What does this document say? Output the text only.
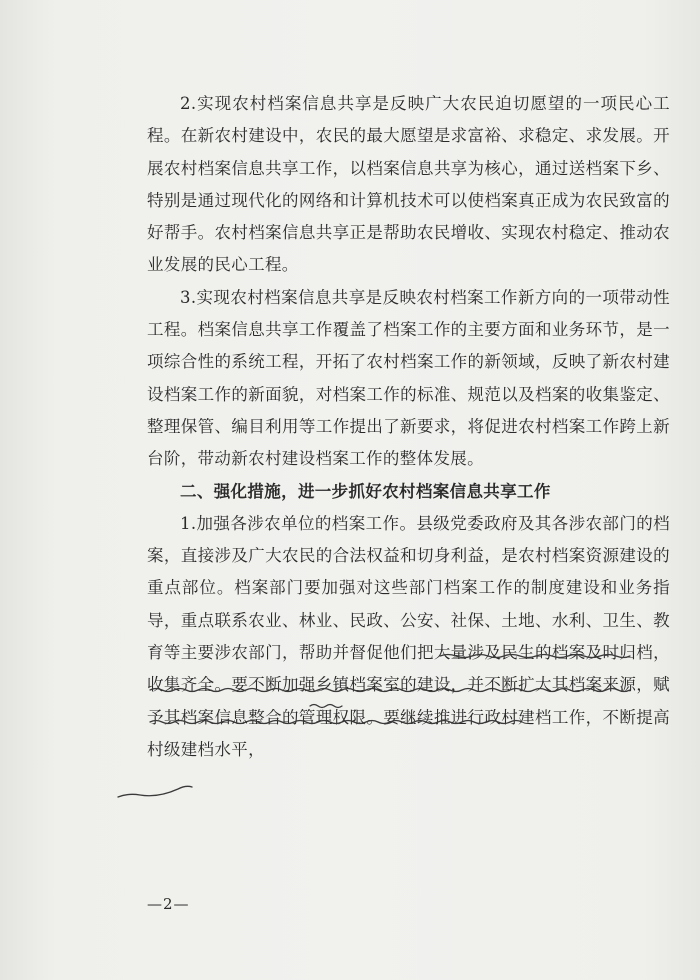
2.实现农村档案信息共享是反映广大农民迫切愿望的一项民心工程。在新农村建设中，农民的最大愿望是求富裕、求稳定、求发展。开展农村档案信息共享工作，以档案信息共享为核心，通过送档案下乡、特别是通过现代化的网络和计算机技术可以使档案真正成为农民致富的好帮手。农村档案信息共享正是帮助农民增收、实现农村稳定、推动农业发展的民心工程。

3.实现农村档案信息共享是反映农村档案工作新方向的一项带动性工程。档案信息共享工作覆盖了档案工作的主要方面和业务环节，是一项综合性的系统工程，开拓了农村档案工作的新领域，反映了新农村建设档案工作的新面貌，对档案工作的标准、规范以及档案的收集鉴定、整理保管、编目利用等工作提出了新要求，将促进农村档案工作跨上新台阶，带动新农村建设档案工作的整体发展。

二、强化措施，进一步抓好农村档案信息共享工作

1.加强各涉农单位的档案工作。县级党委政府及其各涉农部门的档案，直接涉及广大农民的合法权益和切身利益，是农村档案资源建设的重点部位。档案部门要加强对这些部门档案工作的制度建设和业务指导，重点联系农业、林业、民政、公安、社保、土地、水利、卫生、教育等主要涉农部门，帮助并督促他们把大量涉及民生的档案及时归档，收集齐全。要不断加强乡镇档案室的建设，并不断扩大其档案来源，赋予其档案信息整合的管理权限。要继续推进行政村建档工作，不断提高村级建档水平，

—2—
